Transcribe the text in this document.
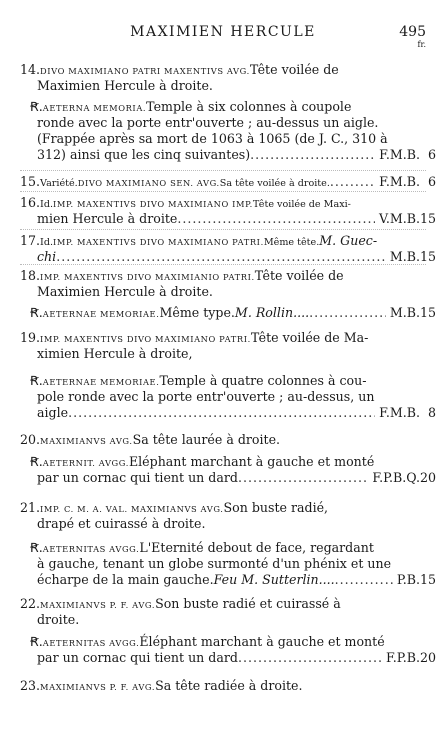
MAXIMIEN HERCULE	495
fr.
14. DIVO MAXIMIANO PATRI MAXENTIVS AVG. Tête voilée de
Maximien Hercule à droite.
Ꞧ. AETERNA MEMORIA. Temple à six colonnes à coupole
ronde avec la porte entr'ouverte ; au-dessus un aigle.
(Frappée après sa mort de 1063 à 1065 (de J. C., 310 à
312) ainsi que les cinq suivantes) .....	F.M.B. 6
15. Variété. DIVO MAXIMIANO SEN. AVG. Sa tête voilée à droite. .....	F.M.B. 6
16. Id. IMP. MAXENTIVS DIVO MAXIMIANO IMP. Tête voilée de Maxi-
mien Hercule à droite .....	V.M.B. 15
17. Id. IMP. MAXENTIVS DIVO MAXIMIANO PATRI. Même tête. M. Guec-
chi .....	M.B. 15
18. IMP. MAXENTIVS DIVO MAXIMIANIO PATRI. Tête voilée de
Maximien Hercule à droite.
Ꞧ. AETERNAE MEMORIAE. Même type. M. Rollin.... .....	M.B. 15
19. IMP. MAXENTIVS DIVO MAXIMIANO PATRI. Tête voilée de Ma-
ximien Hercule à droite,
Ꞧ. AETERNAE MEMORIAE. Temple à quatre colonnes à cou-
pole ronde avec la porte entr'ouverte ; au-dessus, un
aigle .....	F.M.B. 8
20. MAXIMIANVS AVG. Sa tête laurée à droite.
Ꞧ. AETERNIT. AVGG. Eléphant marchant à gauche et monté
par un cornac qui tient un dard .....	F.P.B.Q. 20
21. IMP. C. M. A. VAL. MAXIMIANVS AVG. Son buste radié,
drapé et cuirassé à droite.
Ꞧ. AETERNITAS AVGG. L'Eternité debout de face, regardant
à gauche, tenant un globe surmonté d'un phénix et une
écharpe de la main gauche. Feu M. Sutterlin.... .....	P.B. 15
22. MAXIMIANVS P. F. AVG. Son buste radié et cuirassé à
droite.
Ꞧ. AETERNITAS AVGG. Éléphant marchant à gauche et monté
par un cornac qui tient un dard .....	F.P.B. 20
23. MAXIMIANVS P. F. AVG. Sa tête radiée à droite.
